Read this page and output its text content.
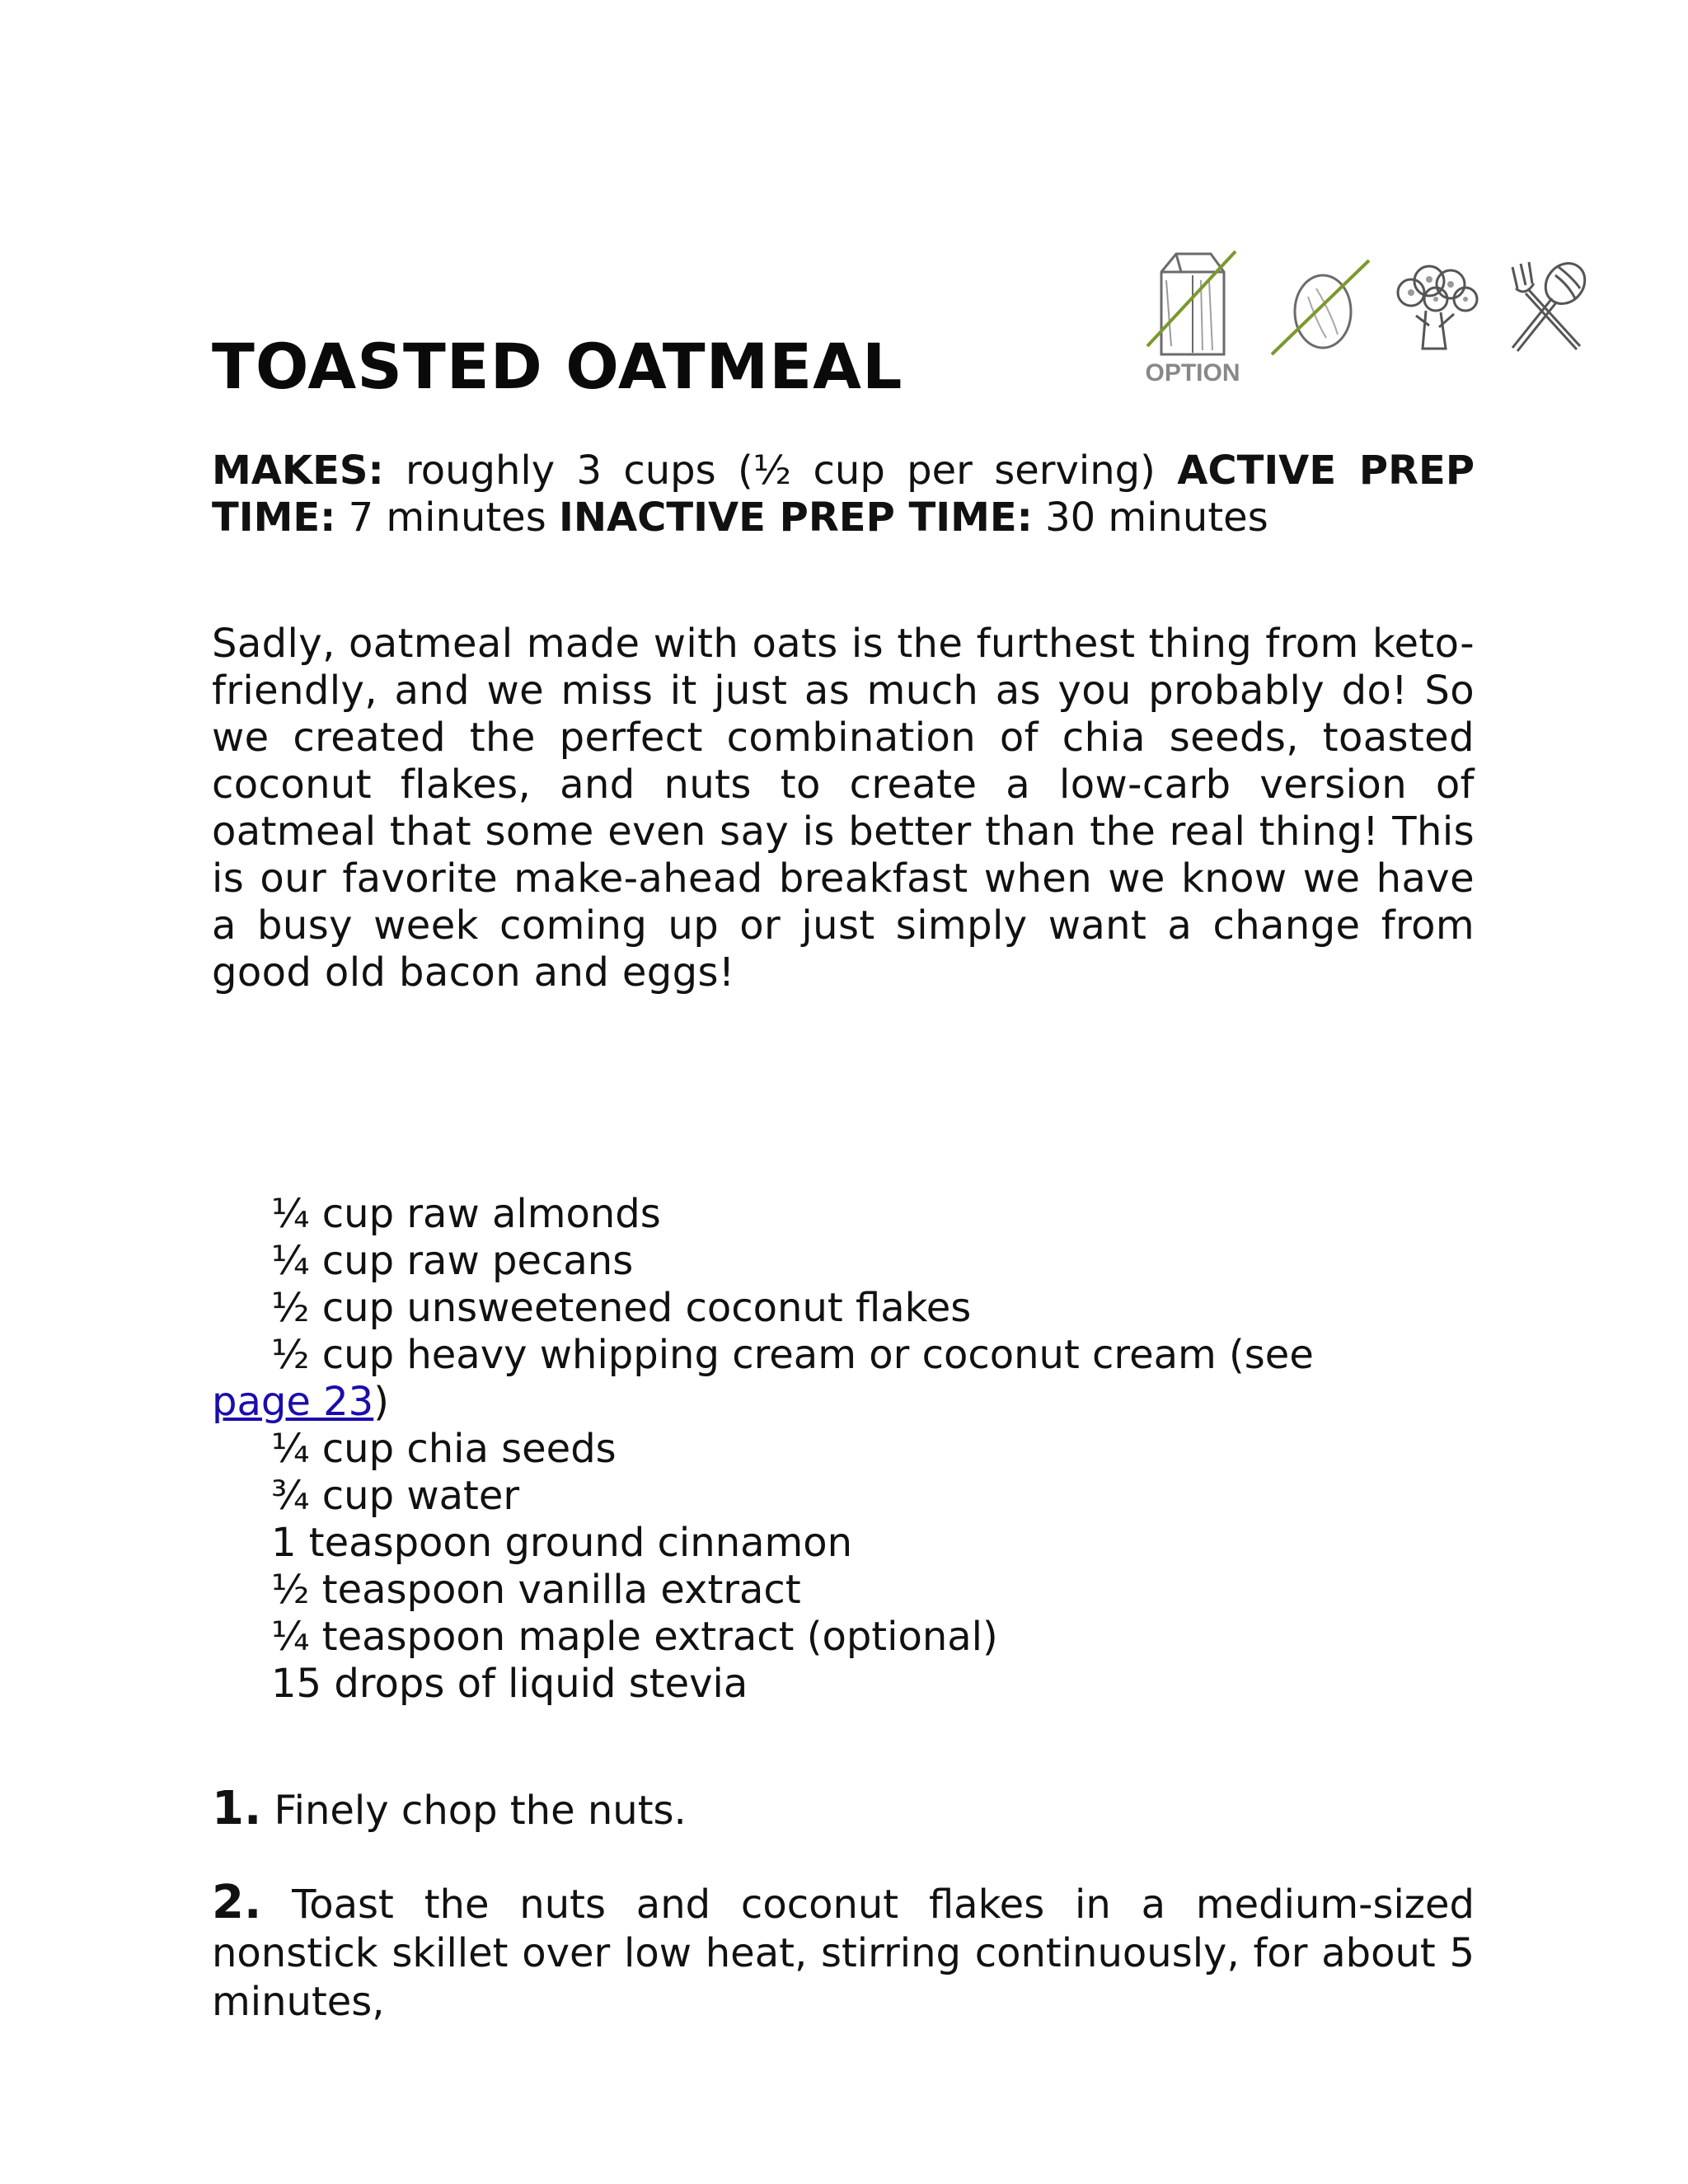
TOASTED OATMEAL	OPTION

MAKES: roughly 3 cups (½ cup per serving) ACTIVE PREP TIME: 7 minutes INACTIVE PREP TIME: 30 minutes

Sadly, oatmeal made with oats is the furthest thing from keto-friendly, and we miss it just as much as you probably do! So we created the perfect combination of chia seeds, toasted coconut flakes, and nuts to create a low-carb version of oatmeal that some even say is better than the real thing! This is our favorite make-ahead breakfast when we know we have a busy week coming up or just simply want a change from good old bacon and eggs!

¼ cup raw almonds
¼ cup raw pecans
½ cup unsweetened coconut flakes
½ cup heavy whipping cream or coconut cream (see page 23)
¼ cup chia seeds
¾ cup water
1 teaspoon ground cinnamon
½ teaspoon vanilla extract
¼ teaspoon maple extract (optional)
15 drops of liquid stevia
1. Finely chop the nuts.
2. Toast the nuts and coconut flakes in a medium-sized nonstick skillet over low heat, stirring continuously, for about 5 minutes,
